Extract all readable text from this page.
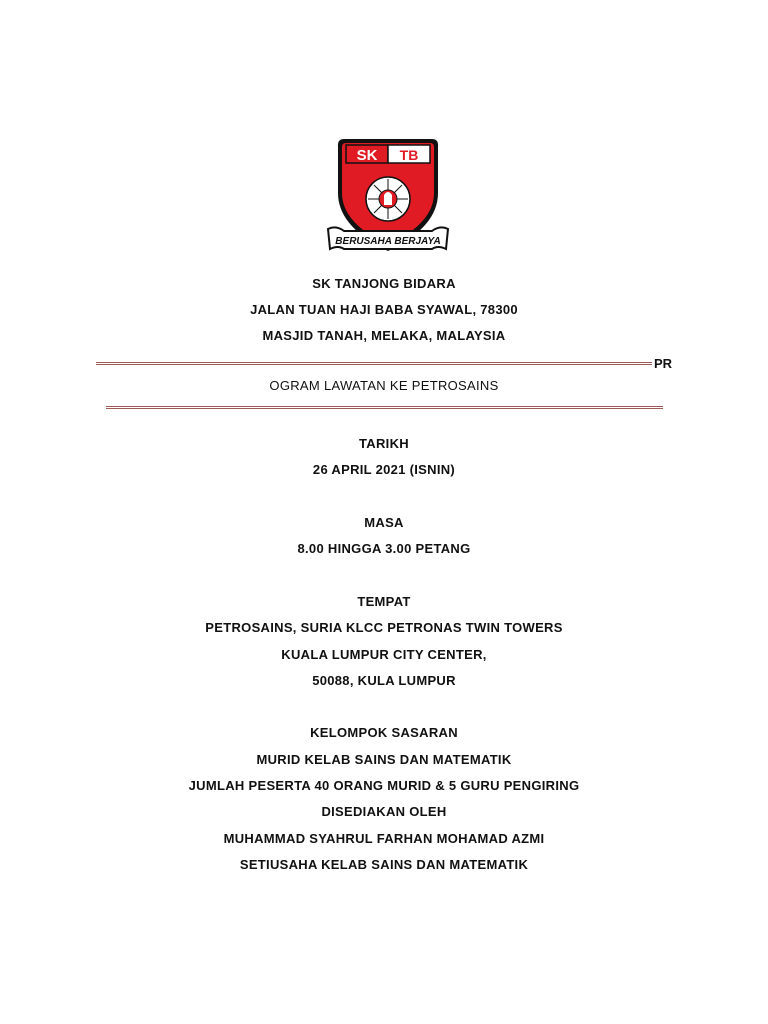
SK TB
BERUSAHA BERJAYA
SK TANJONG BIDARA
JALAN TUAN HAJI BABA SYAWAL, 78300
MASJID TANAH, MELAKA, MALAYSIA
PR
OGRAM LAWATAN KE PETROSAINS
TARIKH
26 APRIL 2021 (ISNIN)
MASA
8.00 HINGGA 3.00 PETANG
TEMPAT
PETROSAINS, SURIA KLCC PETRONAS TWIN TOWERS
KUALA LUMPUR CITY CENTER,
50088, KULA LUMPUR
KELOMPOK SASARAN
MURID KELAB SAINS DAN MATEMATIK
JUMLAH PESERTA 40 ORANG MURID & 5 GURU PENGIRING
DISEDIAKAN OLEH
MUHAMMAD SYAHRUL FARHAN MOHAMAD AZMI
SETIUSAHA KELAB SAINS DAN MATEMATIK
